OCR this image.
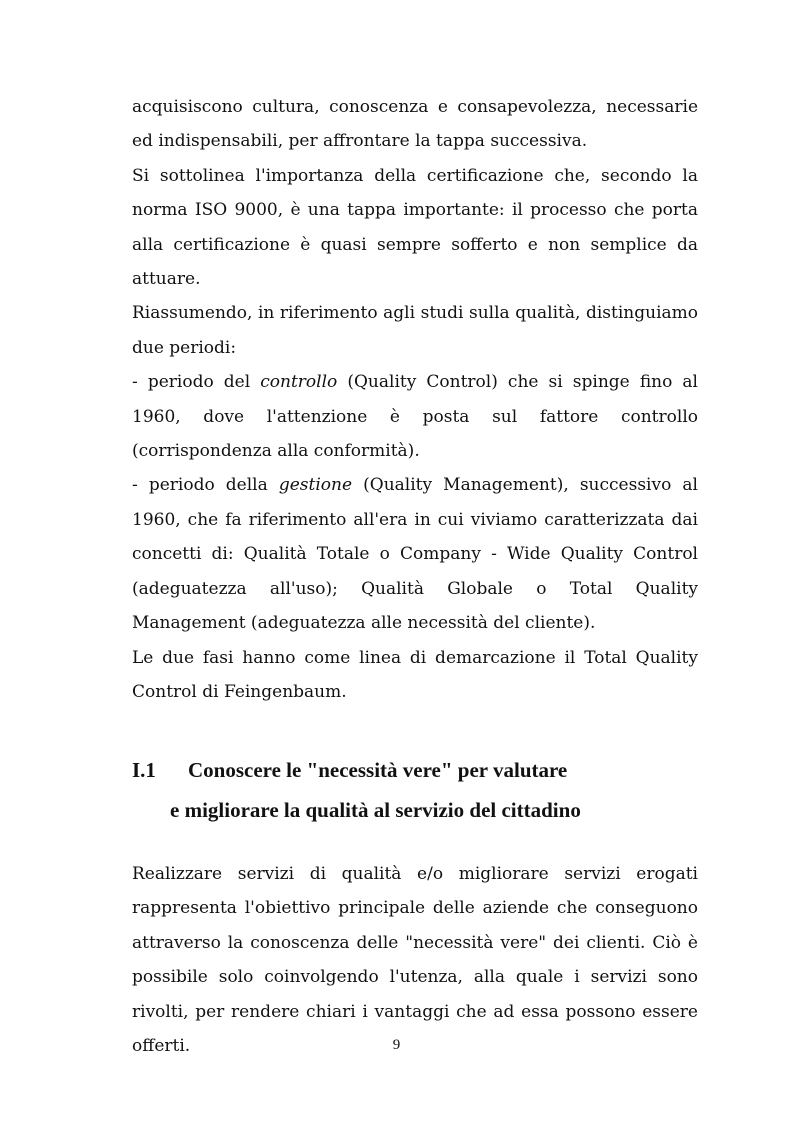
acquisiscono cultura, conoscenza e consapevolezza, necessarie ed indispensabili, per affrontare la tappa successiva.

Si sottolinea l'importanza della certificazione che, secondo la norma ISO 9000, è una tappa importante: il processo che porta alla certificazione è quasi sempre sofferto e non semplice da attuare.

Riassumendo, in riferimento agli studi sulla qualità, distinguiamo due periodi:

- periodo del controllo (Quality Control) che si spinge fino al 1960, dove l'attenzione è posta sul fattore controllo (corrispondenza alla conformità).

- periodo della gestione (Quality Management), successivo al 1960, che fa riferimento all'era in cui viviamo caratterizzata dai concetti di: Qualità Totale o Company - Wide Quality Control (adeguatezza all'uso); Qualità Globale o Total Quality Management (adeguatezza alle necessità del cliente).

Le due fasi hanno come linea di demarcazione il Total Quality Control di Feingenbaum.

I.1 Conoscere le "necessità vere" per valutare
e migliorare la qualità al servizio del cittadino

Realizzare servizi di qualità e/o migliorare servizi erogati rappresenta l'obiettivo principale delle aziende che conseguono attraverso la conoscenza delle "necessità vere" dei clienti. Ciò è possibile solo coinvolgendo l'utenza, alla quale i servizi sono rivolti, per rendere chiari i vantaggi che ad essa possono essere offerti.	9
